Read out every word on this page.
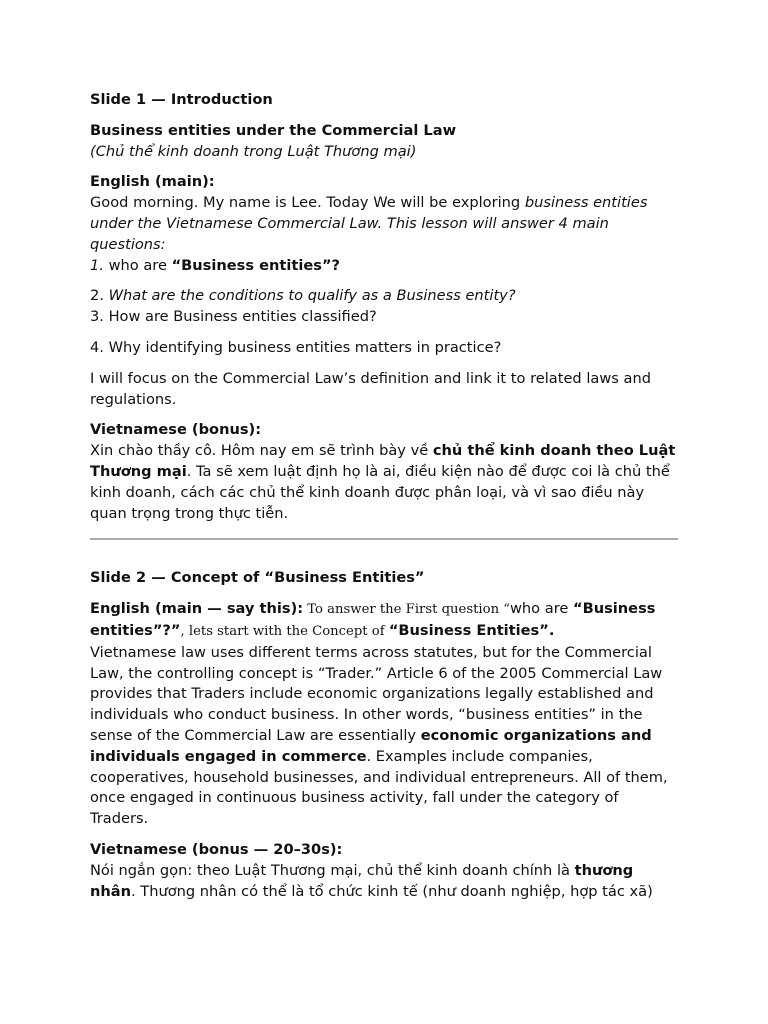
Slide 1 — Introduction

Business entities under the Commercial Law

(Chủ thể kinh doanh trong Luật Thương mại)

English (main):

Good morning. My name is Lee. Today We will be exploring business entities under the Vietnamese Commercial Law. This lesson will answer 4 main questions:

1. who are “Business entities”?

2. What are the conditions to qualify as a Business entity?

3. How are Business entities classified?

4. Why identifying business entities matters in practice?

I will focus on the Commercial Law’s definition and link it to related laws and regulations.

Vietnamese (bonus):

Xin chào thầy cô. Hôm nay em sẽ trình bày về chủ thể kinh doanh theo Luật Thương mại. Ta sẽ xem luật định họ là ai, điều kiện nào để được coi là chủ thể kinh doanh, cách các chủ thể kinh doanh được phân loại, và vì sao điều này quan trọng trong thực tiễn.

Slide 2 — Concept of “Business Entities”

English (main — say this): To answer the First question “who are “Business entities”?”, lets start with the Concept of “Business Entities”.

Vietnamese law uses different terms across statutes, but for the Commercial Law, the controlling concept is “Trader.” Article 6 of the 2005 Commercial Law provides that Traders include economic organizations legally established and individuals who conduct business. In other words, “business entities” in the sense of the Commercial Law are essentially economic organizations and individuals engaged in commerce. Examples include companies, cooperatives, household businesses, and individual entrepreneurs. All of them, once engaged in continuous business activity, fall under the category of Traders.

Vietnamese (bonus — 20–30s):

Nói ngắn gọn: theo Luật Thương mại, chủ thể kinh doanh chính là thương nhân. Thương nhân có thể là tổ chức kinh tế (như doanh nghiệp, hợp tác xã)
